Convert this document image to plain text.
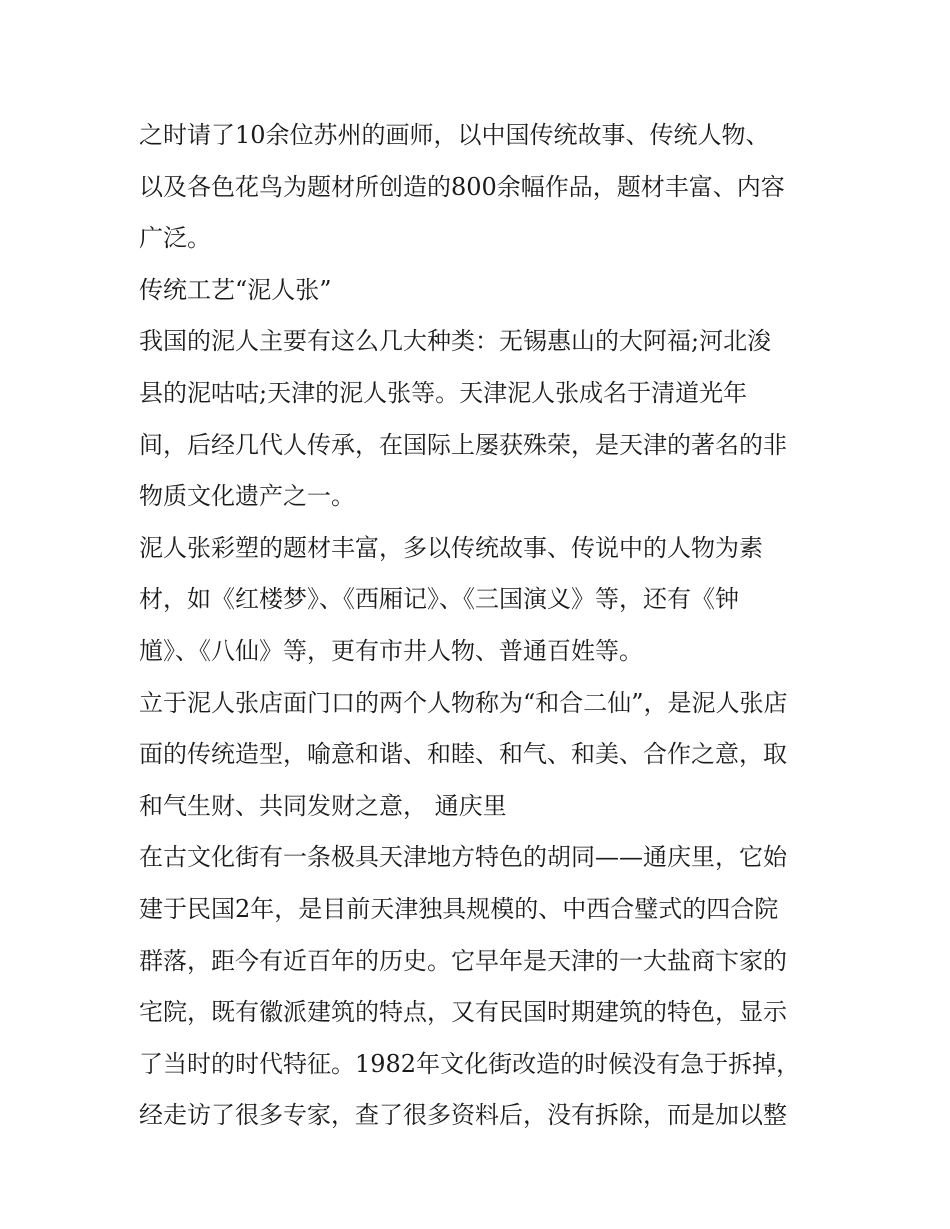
之时请了10余位苏州的画师，以中国传统故事、传统人物、
以及各色花鸟为题材所创造的800余幅作品，题材丰富、内容
广泛。
传统工艺“泥人张”
我国的泥人主要有这么几大种类：无锡惠山的大阿福;河北浚
县的泥咕咕;天津的泥人张等。天津泥人张成名于清道光年
间，后经几代人传承，在国际上屡获殊荣，是天津的著名的非
物质文化遗产之一。
泥人张彩塑的题材丰富，多以传统故事、传说中的人物为素
材，如《红楼梦》、《西厢记》、《三国演义》等，还有《钟
馗》、《八仙》等，更有市井人物、普通百姓等。
立于泥人张店面门口的两个人物称为“和合二仙”，是泥人张店
面的传统造型，喻意和谐、和睦、和气、和美、合作之意，取
和气生财、共同发财之意， 通庆里
在古文化街有一条极具天津地方特色的胡同——通庆里，它始
建于民国2年，是目前天津独具规模的、中西合璧式的四合院
群落，距今有近百年的历史。它早年是天津的一大盐商卞家的
宅院，既有徽派建筑的特点，又有民国时期建筑的特色，显示
了当时的时代特征。1982年文化街改造的时候没有急于拆掉，
经走访了很多专家，查了很多资料后，没有拆除，而是加以整
